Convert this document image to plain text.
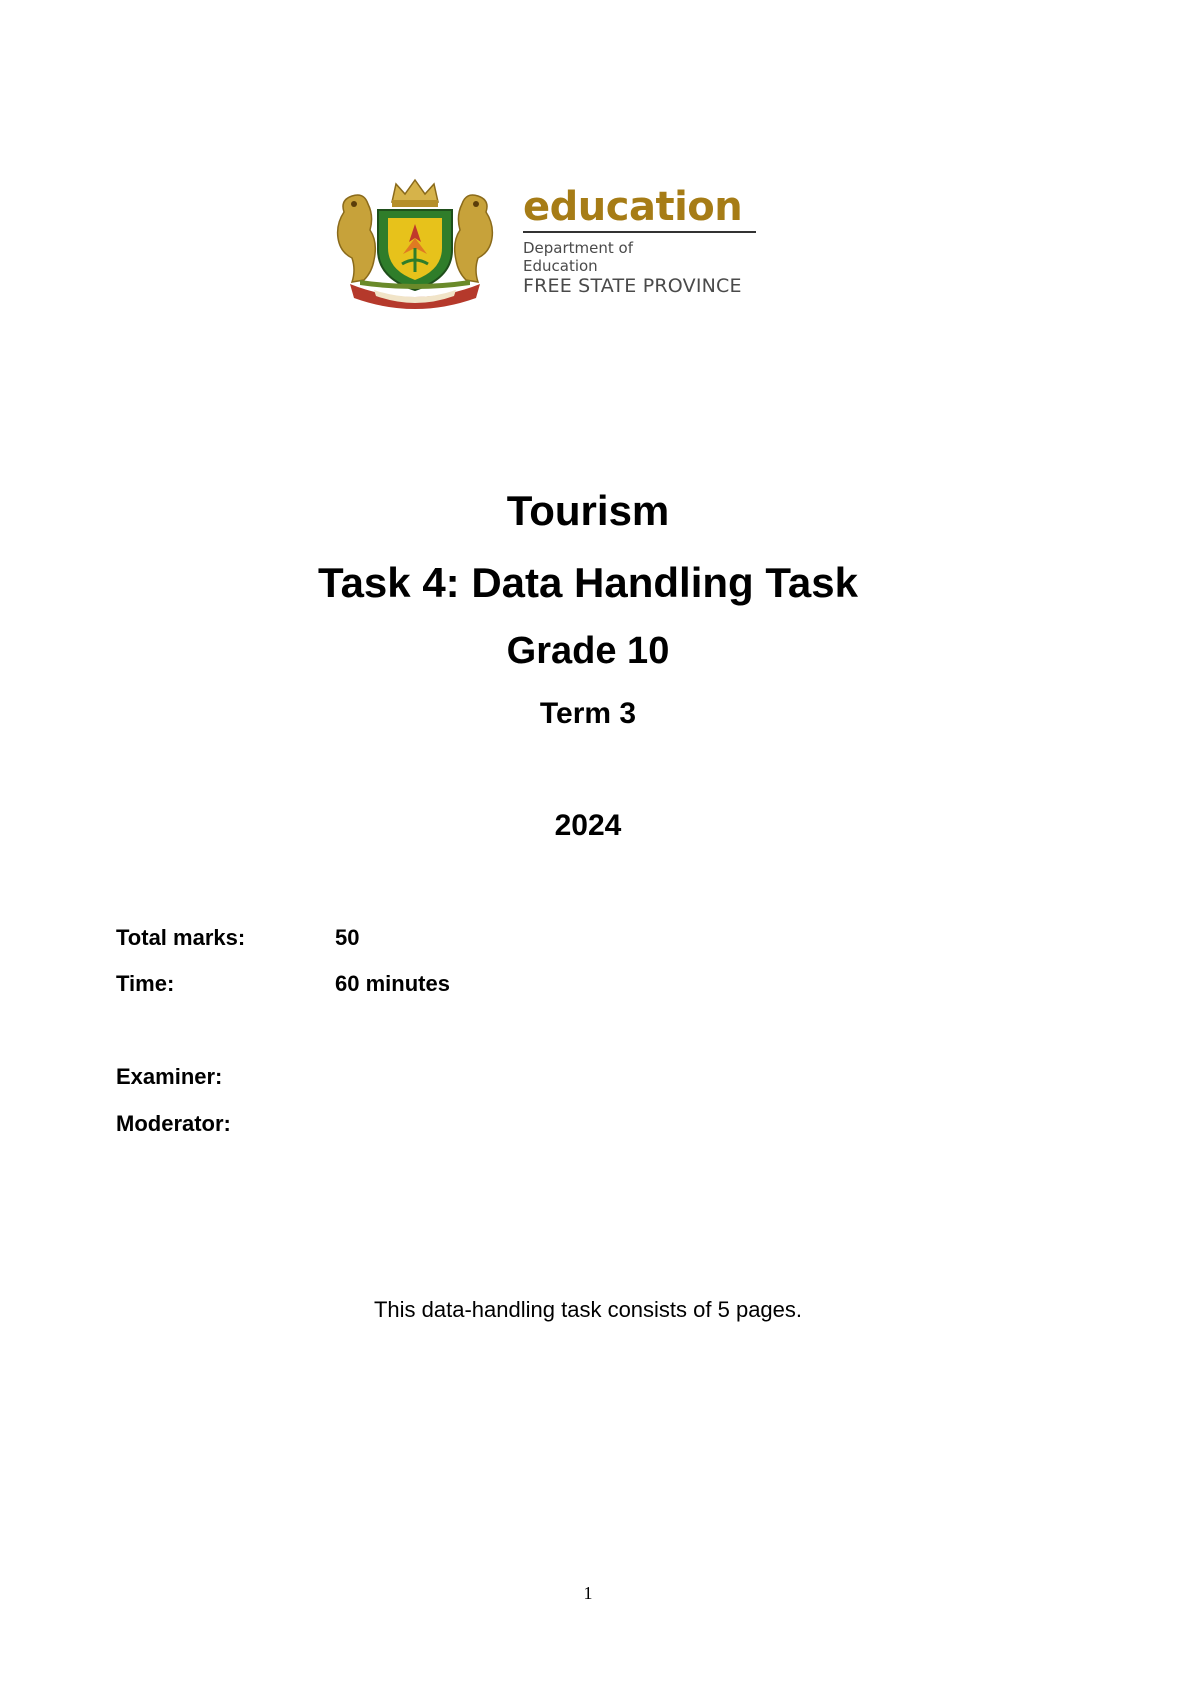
education
Department of
Education
FREE STATE PROVINCE
Tourism
Task 4: Data Handling Task
Grade 10
Term 3
2024
Total marks:	50
Time:	60 minutes
Examiner:
Moderator:
This data-handling task consists of 5 pages.
1
